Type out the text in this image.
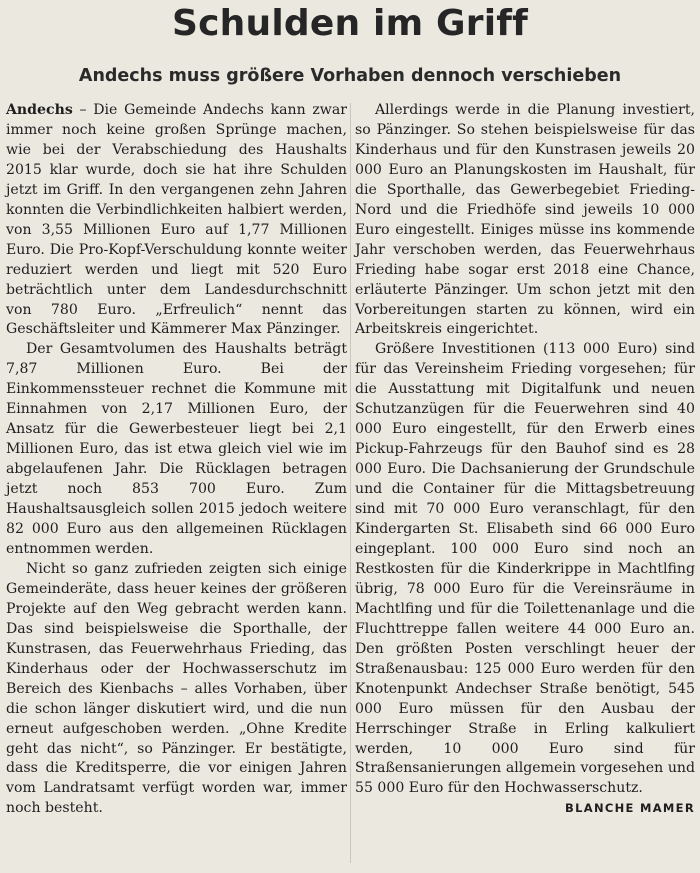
Schulden im Griff
Andechs muss größere Vorhaben dennoch verschieben

Andechs – Die Gemeinde Andechs kann zwar immer noch keine großen Sprünge machen, wie bei der Verabschiedung des Haushalts 2015 klar wurde, doch sie hat ihre Schulden jetzt im Griff. In den vergangenen zehn Jahren konnten die Verbindlichkeiten halbiert werden, von 3,55 Millionen Euro auf 1,77 Millionen Euro. Die Pro-Kopf-Verschuldung konnte weiter reduziert werden und liegt mit 520 Euro beträchtlich unter dem Landesdurchschnitt von 780 Euro. „Erfreulich“ nennt das Geschäftsleiter und Kämmerer Max Pänzinger.

Der Gesamtvolumen des Haushalts beträgt 7,87 Millionen Euro. Bei der Einkommenssteuer rechnet die Kommune mit Einnahmen von 2,17 Millionen Euro, der Ansatz für die Gewerbesteuer liegt bei 2,1 Millionen Euro, das ist etwa gleich viel wie im abgelaufenen Jahr. Die Rücklagen betragen jetzt noch 853 700 Euro. Zum Haushaltsausgleich sollen 2015 jedoch weitere 82 000 Euro aus den allgemeinen Rücklagen entnommen werden.

Nicht so ganz zufrieden zeigten sich einige Gemeinderäte, dass heuer keines der größeren Projekte auf den Weg gebracht werden kann. Das sind beispielsweise die Sporthalle, der Kunstrasen, das Feuerwehrhaus Frieding, das Kinderhaus oder der Hochwasserschutz im Bereich des Kienbachs – alles Vorhaben, über die schon länger diskutiert wird, und die nun erneut aufgeschoben werden. „Ohne Kredite geht das nicht“, so Pänzinger. Er bestätigte, dass die Kreditsperre, die vor einigen Jahren vom Landratsamt verfügt worden war, immer noch besteht.

Allerdings werde in die Planung investiert, so Pänzinger. So stehen beispielsweise für das Kinderhaus und für den Kunstrasen jeweils 20 000 Euro an Planungskosten im Haushalt, für die Sporthalle, das Gewerbegebiet Frieding-Nord und die Friedhöfe sind jeweils 10 000 Euro eingestellt. Einiges müsse ins kommende Jahr verschoben werden, das Feuerwehrhaus Frieding habe sogar erst 2018 eine Chance, erläuterte Pänzinger. Um schon jetzt mit den Vorbereitungen starten zu können, wird ein Arbeitskreis eingerichtet.

Größere Investitionen (113 000 Euro) sind für das Vereinsheim Frieding vorgesehen; für die Ausstattung mit Digitalfunk und neuen Schutzanzügen für die Feuerwehren sind 40 000 Euro eingestellt, für den Erwerb eines Pickup-Fahrzeugs für den Bauhof sind es 28 000 Euro. Die Dachsanierung der Grundschule und die Container für die Mittagsbetreuung sind mit 70 000 Euro veranschlagt, für den Kindergarten St. Elisabeth sind 66 000 Euro eingeplant. 100 000 Euro sind noch an Restkosten für die Kinderkrippe in Machtlfing übrig, 78 000 Euro für die Vereinsräume in Machtlfing und für die Toilettenanlage und die Fluchttreppe fallen weitere 44 000 Euro an. Den größten Posten verschlingt heuer der Straßenausbau: 125 000 Euro werden für den Knotenpunkt Andechser Straße benötigt, 545 000 Euro müssen für den Ausbau der Herrschinger Straße in Erling kalkuliert werden, 10 000 Euro sind für Straßensanierungen allgemein vorgesehen und 55 000 Euro für den Hochwasserschutz.
BLANCHE MAMER
